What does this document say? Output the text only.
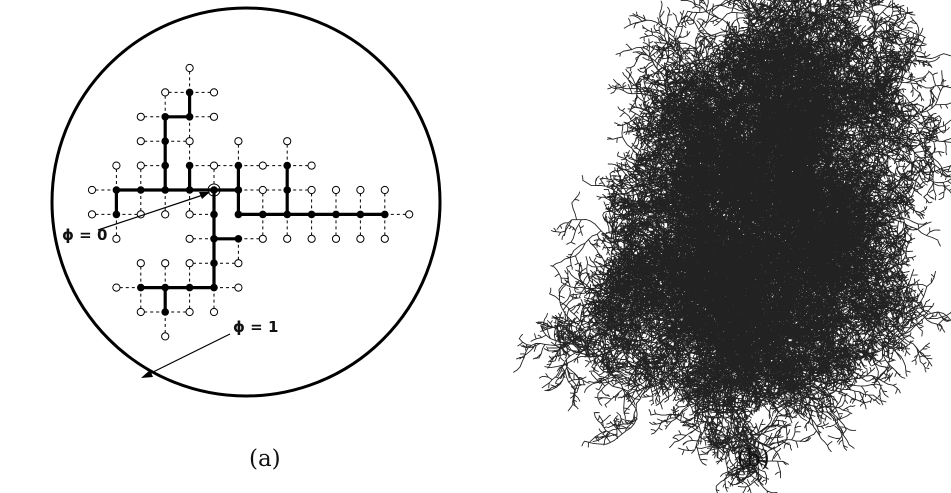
ϕ = 0
ϕ = 1
(a)	(b)
